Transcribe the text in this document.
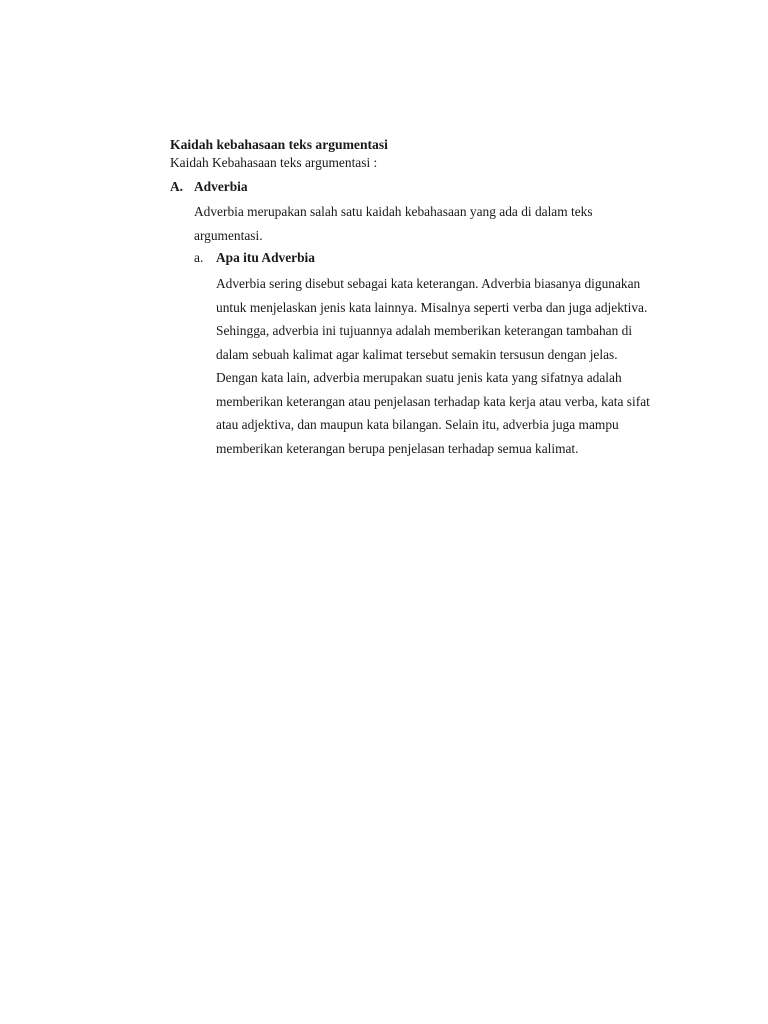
Kaidah kebahasaan teks argumentasi
Kaidah Kebahasaan teks argumentasi :
A. Adverbia

Adverbia merupakan salah satu kaidah kebahasaan yang ada di dalam teks argumentasi.

a. Apa itu Adverbia

Adverbia sering disebut sebagai kata keterangan. Adverbia biasanya digunakan untuk menjelaskan jenis kata lainnya. Misalnya seperti verba dan juga adjektiva. Sehingga, adverbia ini tujuannya adalah memberikan keterangan tambahan di dalam sebuah kalimat agar kalimat tersebut semakin tersusun dengan jelas.

Dengan kata lain, adverbia merupakan suatu jenis kata yang sifatnya adalah memberikan keterangan atau penjelasan terhadap kata kerja atau verba, kata sifat atau adjektiva, dan maupun kata bilangan. Selain itu, adverbia juga mampu memberikan keterangan berupa penjelasan terhadap semua kalimat.
